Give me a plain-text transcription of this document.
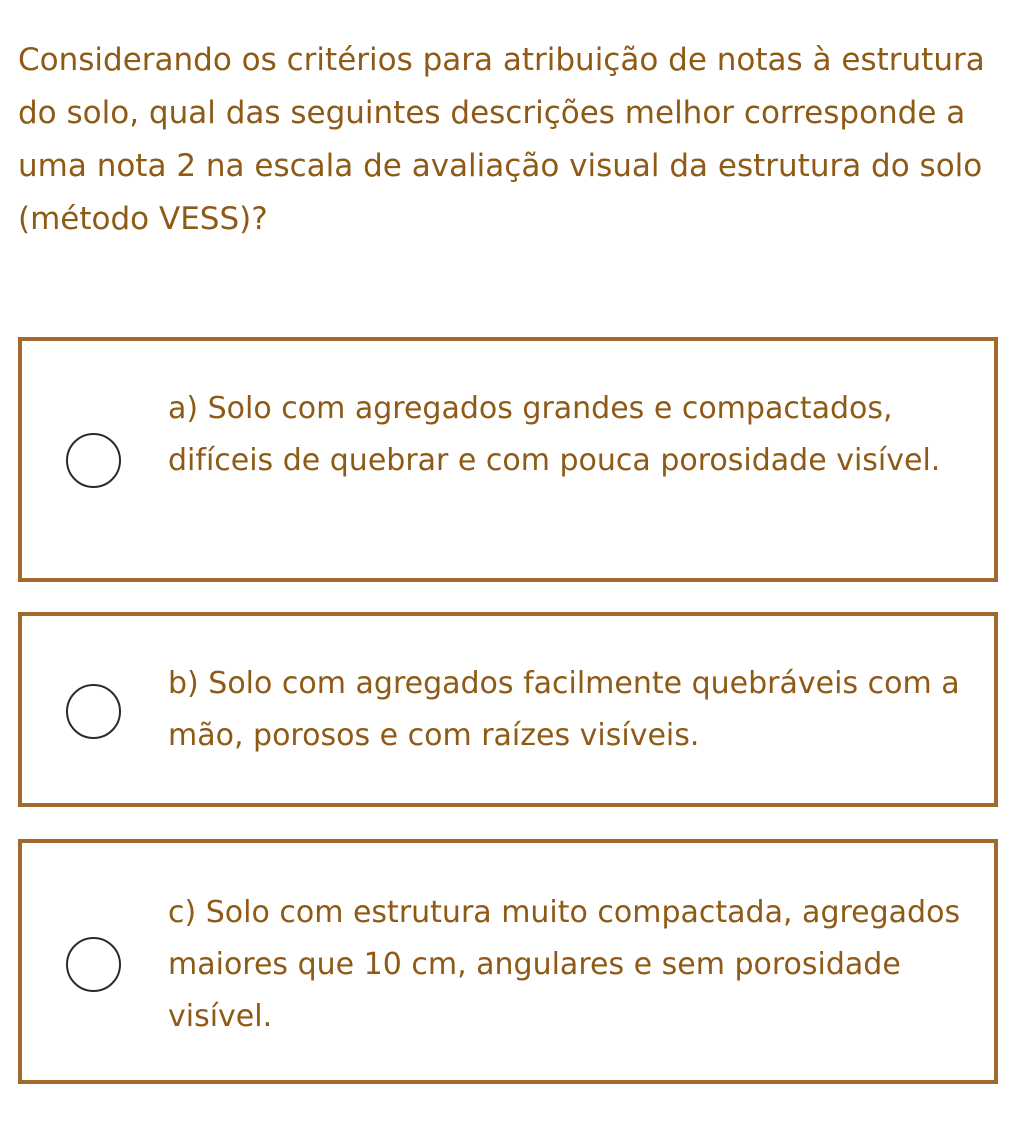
Considerando os critérios para atribuição de notas à estrutura do solo, qual das seguintes descrições melhor corresponde a uma nota 2 na escala de avaliação visual da estrutura do solo (método VESS)?

a) Solo com agregados grandes e compactados, difíceis de quebrar e com pouca porosidade visível.
b) Solo com agregados facilmente quebráveis com a mão, porosos e com raízes visíveis.
c) Solo com estrutura muito compactada, agregados maiores que 10 cm, angulares e sem porosidade visível.
